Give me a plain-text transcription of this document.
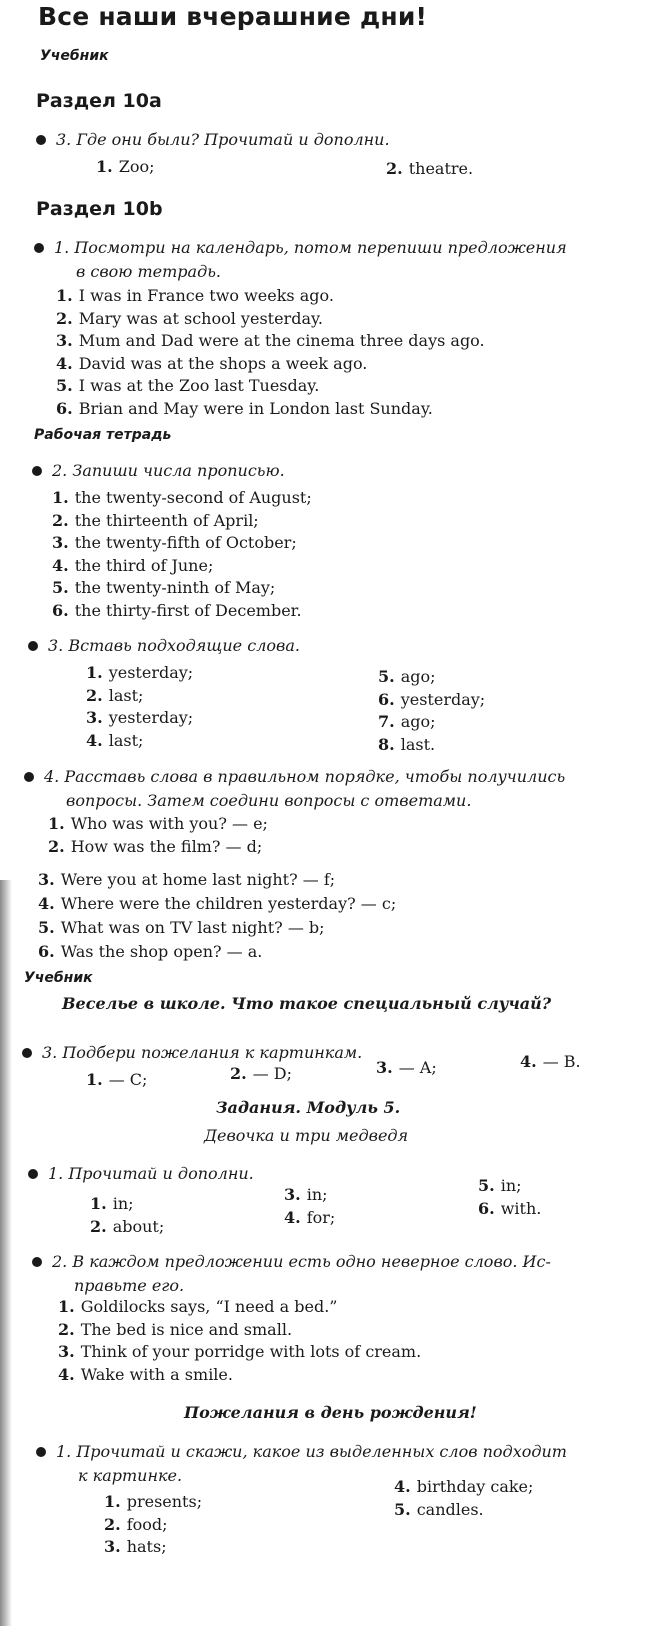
Все наши вчерашние дни!
Учебник
Раздел 10а
3. Где они были? Прочитай и дополни.
1. Zoo;	2. theatre.
Раздел 10b
1. Посмотри на календарь, потом перепиши предложения
в свою тетрадь.
1. I was in France two weeks ago.
2. Mary was at school yesterday.
3. Mum and Dad were at the cinema three days ago.
4. David was at the shops a week ago.
5. I was at the Zoo last Tuesday.
6. Brian and May were in London last Sunday.
Рабочая тетрадь
2. Запиши числа прописью.
1. the twenty-second of August;
2. the thirteenth of April;
3. the twenty-fifth of October;
4. the third of June;
5. the twenty-ninth of May;
6. the thirty-first of December.
3. Вставь подходящие слова.
1. yesterday;
2. last;
3. yesterday;
4. last;
5. ago;
6. yesterday;
7. ago;
8. last.
4. Расставь слова в правильном порядке, чтобы получились
вопросы. Затем соедини вопросы с ответами.
1. Who was with you? — e;
2. How was the film? — d;
3. Were you at home last night? — f;
4. Where were the children yesterday? — c;
5. What was on TV last night? — b;
6. Was the shop open? — a.
Учебник
Веселье в школе. Что такое специальный случай?
3. Подбери пожелания к картинкам.
1. — C;	2. — D;	3. — A;	4. — B.
Задания. Модуль 5.
Девочка и три медведя
1. Прочитай и дополни.
1. in;
2. about;
3. in;
4. for;
5. in;
6. with.
2. В каждом предложении есть одно неверное слово. Ис-
правьте его.
1. Goldilocks says, “I need a bed.”
2. The bed is nice and small.
3. Think of your porridge with lots of cream.
4. Wake with a smile.
Пожелания в день рождения!
1. Прочитай и скажи, какое из выделенных слов подходит
к картинке.
1. presents;
2. food;
3. hats;
4. birthday cake;
5. candles.
